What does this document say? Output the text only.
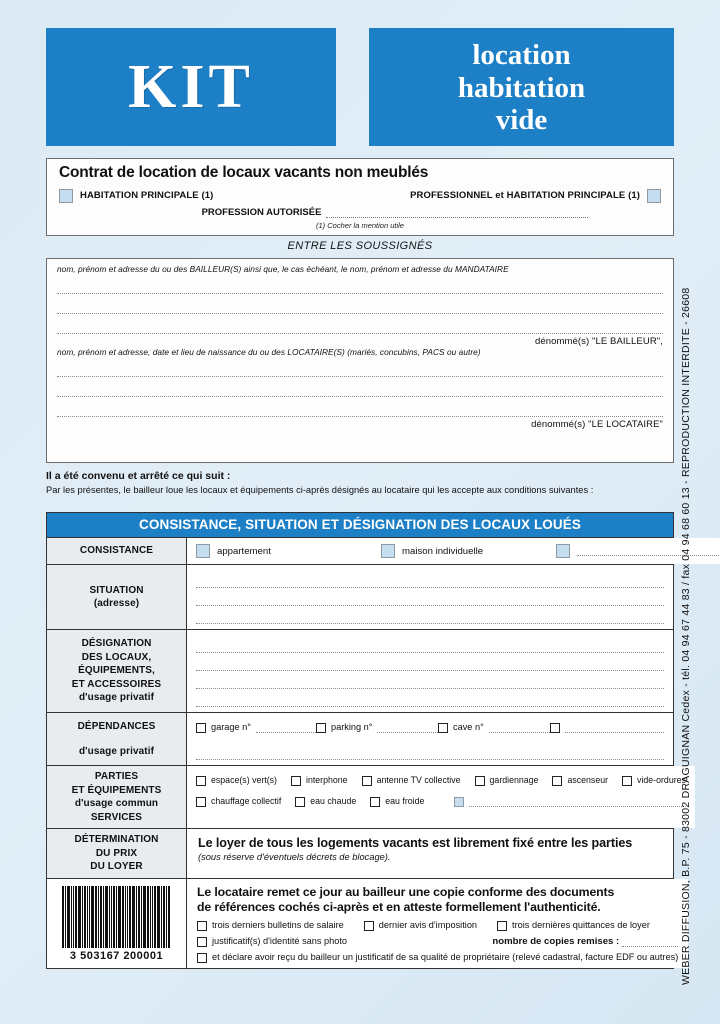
KIT	location
habitation
vide
Contrat de location de locaux vacants non meublés
HABITATION PRINCIPALE (1)	PROFESSIONNEL et HABITATION PRINCIPALE (1)
PROFESSION AUTORISÉE
(1) Cocher la mention utile
ENTRE LES SOUSSIGNÉS
nom, prénom et adresse du ou des BAILLEUR(S) ainsi que, le cas échéant, le nom, prénom et adresse du MANDATAIRE
dénommé(s) "LE BAILLEUR",
nom, prénom et adresse, date et lieu de naissance du ou des LOCATAIRE(S) (mariés, concubins, PACS ou autre)
dénommé(s) "LE LOCATAIRE"
Il a été convenu et arrêté ce qui suit :
Par les présentes, le bailleur loue les locaux et équipements ci-après désignés au locataire qui les accepte aux conditions suivantes :
CONSISTANCE, SITUATION ET DÉSIGNATION DES LOCAUX LOUÉS
CONSISTANCE	appartement	maison individuelle
SITUATION
(adresse)
DÉSIGNATION
DES LOCAUX,
ÉQUIPEMENTS,
ET ACCESSOIRES
d'usage privatif
DÉPENDANCES
d'usage privatif
garage n°	parking n°	cave n°
PARTIES
ET ÉQUIPEMENTS
d'usage commun
SERVICES
espace(s) vert(s)	interphone	antenne TV collective	gardiennage	ascenseur	vide-ordures
chauffage collectif	eau chaude	eau froide
DÉTERMINATION
DU PRIX
DU LOYER
Le loyer de tous les logements vacants est librement fixé entre les parties
(sous réserve d'éventuels décrets de blocage).
3 503167 200001
Le locataire remet ce jour au bailleur une copie conforme des documents
de références cochés ci-après et en atteste formellement l'authenticité.
trois derniers bulletins de salaire	dernier avis d'imposition	trois dernières quittances de loyer
justificatif(s) d'identité sans photo	nombre de copies remises :
et déclare avoir reçu du bailleur un justificatif de sa qualité de propriétaire (relevé cadastral, facture EDF ou autres) WEBER DIFFUSION, B.P. 75 - 83002 DRAGUIGNAN Cedex - tél. 04 94 67 44 83 / fax 04 94 68 60 13 - REPRODUCTION INTERDITE - 26608
